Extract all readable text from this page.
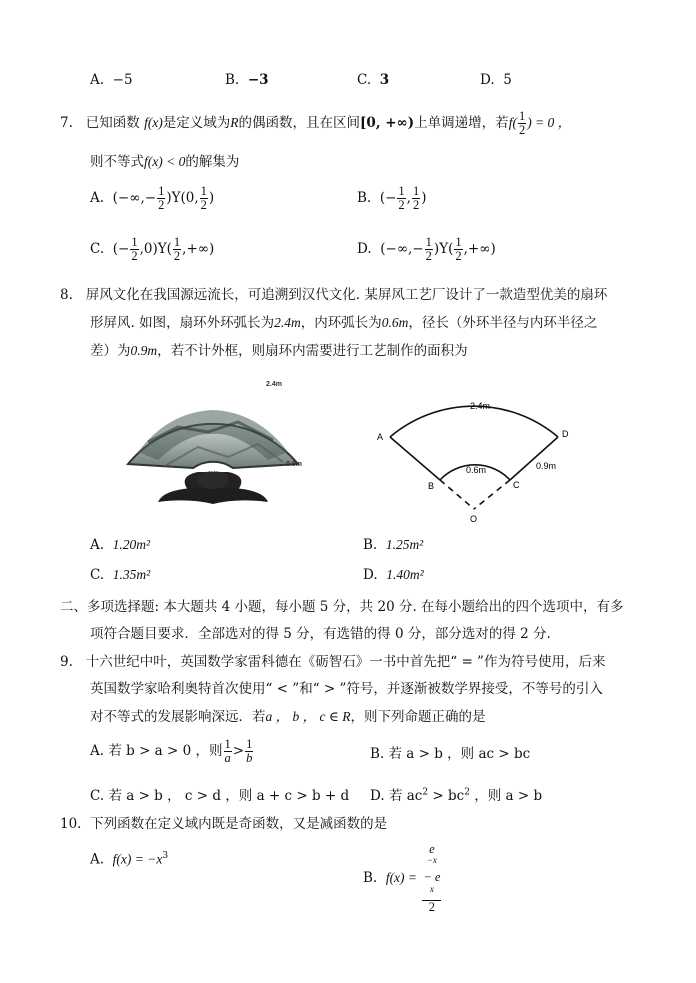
A. −5	B. −3	C. 3	D. 5
7. 已知函数 f(x)是定义域为R的偶函数，且在区间[0, +∞)上单调递增，若$f( \frac{1}{2}$ ) = 0 ，
则不等式f(x) < 0的解集为
A. (−∞,− $\frac{1}{2} )\Upsilon(0$, $\frac{1}{2}$ )	B. (− $\frac{1}{2}$ , $\frac{1}{2}$ )
C. (− $\frac{1}{2} ,0)\Upsilon( \frac{1}{2}$ ,+∞)	D. (−∞,− $\frac{1}{2} )\Upsilon( \frac{1}{2}$ ,+∞)
8. 屏风文化在我国源远流长，可追溯到汉代文化. 某屏风工艺厂设计了一款造型优美的扇环
形屏风. 如图，扇环外环弧长为2.4m，内环弧长为0.6m，径长（外环半径与内环半径之
差）为0.9m，若不计外框，则扇环内需要进行工艺制作的面积为
2.4m
0.6m
0.9m
2.4m
0.6m	0.9m
A	D
B	C
O
A. 1.20m²	B. 1.25m²
C. 1.35m²	D. 1.40m²
二、多项选择题: 本大题共 4 小题，每小题 5 分，共 20 分. 在每小题给出的四个选项中，有多
项符合题目要求．全部选对的得 5 分，有选错的得 0 分，部分选对的得 2 分.
9. 十六世纪中叶，英国数学家雷科德在《砺智石》一书中首先把“ = ”作为符号使用，后来
英国数学家哈利奥特首次使用“ < ”和“ > ”符号，并逐渐被数学界接受，不等号的引入
对不等式的发展影响深远．若a ， b ， c ∈ R，则下列命题正确的是
A. 若 b > a > 0 ，则 $\frac{1}{a} > \frac{1}{b}$	B. 若 a > b ，则 ac > bc
C. 若 a > b ， c > d ，则 a + c > b + d D. 若 $ac^2 > bc^2$ ，则 a > b
10. 下列函数在定义域内既是奇函数，又是减函数的是
A. $f(x) = -x^3$
B. f(x) = e
$^{-x}$
− e
$^x$
2
